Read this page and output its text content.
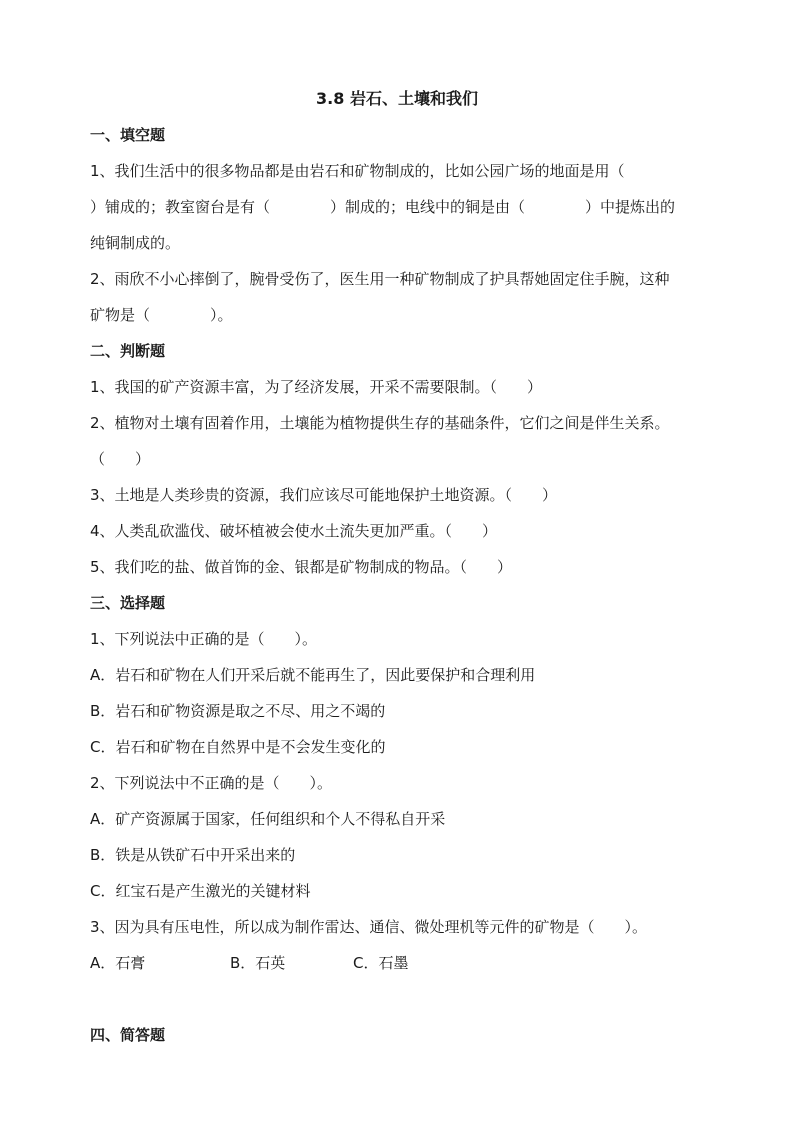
3.8 岩石、土壤和我们

一、填空题

1、我们生活中的很多物品都是由岩石和矿物制成的，比如公园广场的地面是用（

）铺成的；教室窗台是有（　　　　）制成的；电线中的铜是由（　　　　）中提炼出的

纯铜制成的。

2、雨欣不小心摔倒了，腕骨受伤了，医生用一种矿物制成了护具帮她固定住手腕，这种

矿物是（　　　　）。

二、判断题

1、我国的矿产资源丰富，为了经济发展，开采不需要限制。（　　）

2、植物对土壤有固着作用，土壤能为植物提供生存的基础条件，它们之间是伴生关系。

（　　）

3、土地是人类珍贵的资源，我们应该尽可能地保护土地资源。（　　）

4、人类乱砍滥伐、破坏植被会使水土流失更加严重。（　　）

5、我们吃的盐、做首饰的金、银都是矿物制成的物品。（　　）

三、选择题

1、下列说法中正确的是（　　）。

A．岩石和矿物在人们开采后就不能再生了，因此要保护和合理利用

B．岩石和矿物资源是取之不尽、用之不竭的

C．岩石和矿物在自然界中是不会发生变化的

2、下列说法中不正确的是（　　）。

A．矿产资源属于国家，任何组织和个人不得私自开采

B．铁是从铁矿石中开采出来的

C．红宝石是产生激光的关键材料

3、因为具有压电性，所以成为制作雷达、通信、微处理机等元件的矿物是（　　）。

A．石膏	B．石英	C．石墨

四、简答题
